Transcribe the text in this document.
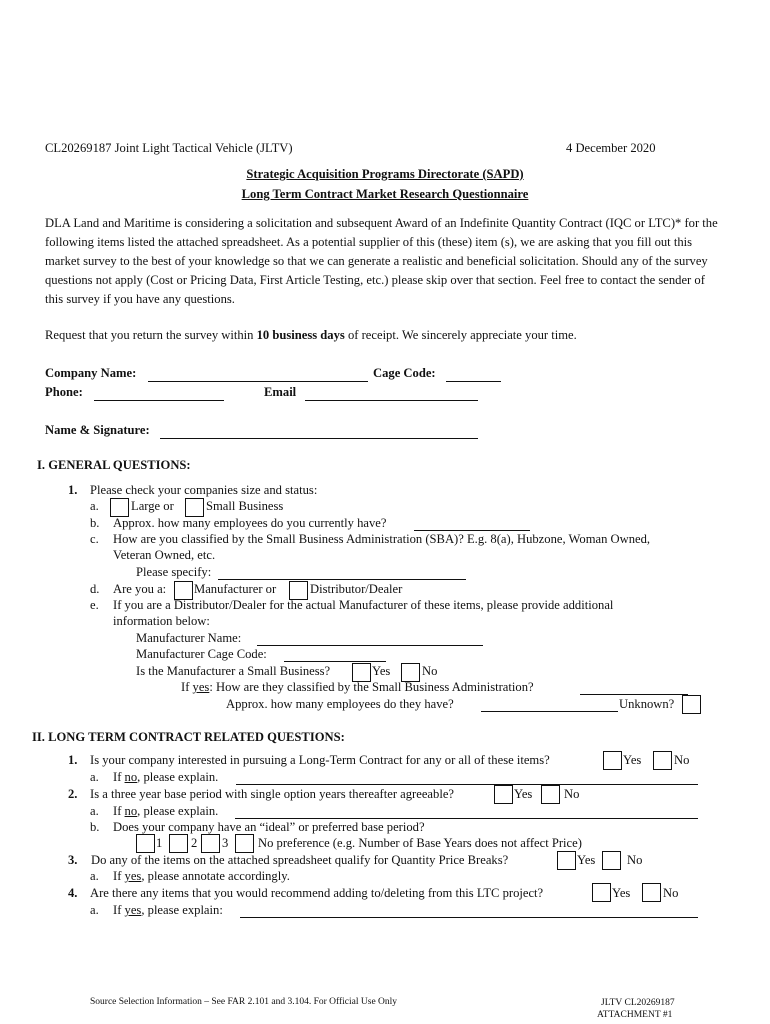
CL20269187 Joint Light Tactical Vehicle (JLTV)	4 December 2020
Strategic Acquisition Programs Directorate (SAPD)
Long Term Contract Market Research Questionnaire
DLA Land and Maritime is considering a solicitation and subsequent Award of an Indefinite Quantity Contract (IQC or LTC)* for the following items listed the attached spreadsheet. As a potential supplier of this (these) item (s), we are asking that you fill out this market survey to the best of your knowledge so that we can generate a realistic and beneficial solicitation. Should any of the survey questions not apply (Cost or Pricing Data, First Article Testing, etc.) please skip over that section. Feel free to contact the sender of this survey if you have any questions.
Request that you return the survey within 10 business days of receipt. We sincerely appreciate your time.
Company Name:	Cage Code:
Phone:	Email
Name & Signature:
I. GENERAL QUESTIONS:
1. Please check your companies size and status:
a.	Large or	Small Business
b. Approx. how many employees do you currently have?
c. How are you classified by the Small Business Administration (SBA)? E.g. 8(a), Hubzone, Woman Owned,
Veteran Owned, etc.
Please specify:
d. Are you a: Manufacturer or	Distributor/Dealer
e. If you are a Distributor/Dealer for the actual Manufacturer of these items, please provide additional
information below:
Manufacturer Name:
Manufacturer Cage Code:
Is the Manufacturer a Small Business?	Yes	No
If yes: How are they classified by the Small Business Administration?
Approx. how many employees do they have?	Unknown?
II. LONG TERM CONTRACT RELATED QUESTIONS:
1. Is your company interested in pursuing a Long-Term Contract for any or all of these items?	Yes	No
a. If no, please explain.
2. Is a three year base period with single option years thereafter agreeable?	Yes	No
a. If no, please explain.
b. Does your company have an “ideal” or preferred base period?
1 2 3 No preference (e.g. Number of Base Years does not affect Price)
3. Do any of the items on the attached spreadsheet qualify for Quantity Price Breaks?	Yes	No
a. If yes, please annotate accordingly.
4. Are there any items that you would recommend adding to/deleting from this LTC project?	Yes	No
a. If yes, please explain:
Source Selection Information – See FAR 2.101 and 3.104. For Official Use Only	JLTV CL20269187
ATTACHMENT #1
